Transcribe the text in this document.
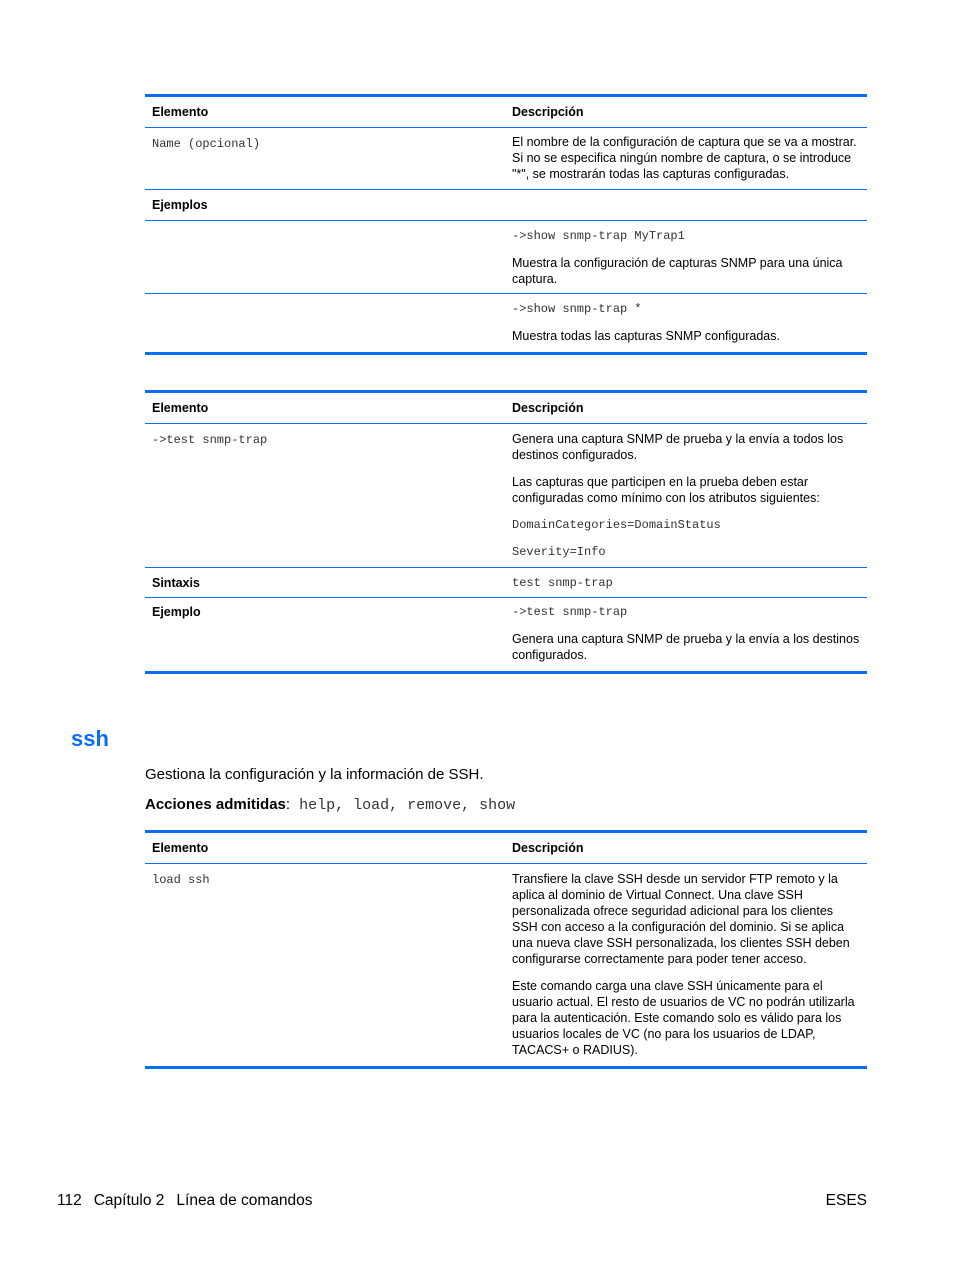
Elemento	Descripción
Name (opcional)	El nombre de la configuración de captura que se va a mostrar. Si no se especifica ningún nombre de captura, o se introduce "*", se mostrarán todas las capturas configuradas.
Ejemplos
->show snmp-trap MyTrap1
Muestra la configuración de capturas SNMP para una única captura.
->show snmp-trap *
Muestra todas las capturas SNMP configuradas.
Elemento	Descripción
->test snmp-trap	Genera una captura SNMP de prueba y la envía a todos los destinos configurados.
Las capturas que participen en la prueba deben estar configuradas como mínimo con los atributos siguientes:
DomainCategories=DomainStatus
Severity=Info
Sintaxis	test snmp-trap
Ejemplo	->test snmp-trap
Genera una captura SNMP de prueba y la envía a los destinos configurados.
ssh
Gestiona la configuración y la información de SSH.
Acciones admitidas: help, load, remove, show
Elemento	Descripción
load ssh	Transfiere la clave SSH desde un servidor FTP remoto y la aplica al dominio de Virtual Connect. Una clave SSH personalizada ofrece seguridad adicional para los clientes SSH con acceso a la configuración del dominio. Si se aplica una nueva clave SSH personalizada, los clientes SSH deben configurarse correctamente para poder tener acceso.
Este comando carga una clave SSH únicamente para el usuario actual. El resto de usuarios de VC no podrán utilizarla para la autenticación. Este comando solo es válido para los usuarios locales de VC (no para los usuarios de LDAP, TACACS+ o RADIUS).
112 Capítulo 2 Línea de comandos	ESES
